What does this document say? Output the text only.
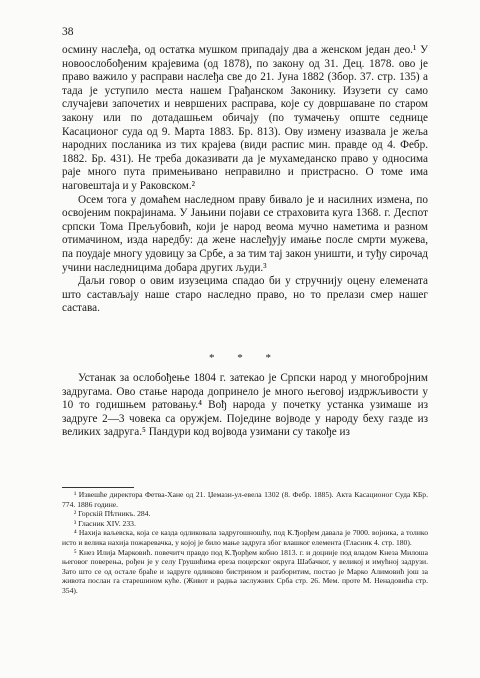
38

осмину наслеђа, од остатка мушком припадају два а женском један део.¹ У новоослобођеним крајевима (од 1878), по закону од 31. Дец. 1878. ово је право важило у расправи наслеђа све до 21. Јуна 1882 (Збор. 37. стр. 135) а тада је уступило места нашем Грађанском Законику. Изузети су само случајеви започетих и невршених расправа, које су довршаване по старом закону или по дотадашњем обичају (по тумачењу опште седнице Касационог суда од 9. Марта 1883. Бр. 813). Ову измену изазвала је жеља народних посланика из тих крајева (види распис мин. правде од 4. Фебр. 1882. Бр. 431). Не треба доказивати да је мухамеданско право у односима раје много пута примењивано неправилно и пристрасно. О томе има наговештаја и у Раковском.²

Осем тога у домаћем наследном праву бивало је и насилних измена, по освојеним покрајинама. У Јањини појави се страховита куга 1368. г. Деспот српски Тома Прељубовић, који је народ веома мучно наметима и разном отимачином, изда наредбу: да жене наслеђују имање после смрти мужева, па поудаје многу удовицу за Србе, а за тим тај закон уништи, и туђу сирочад учини наследницима добара других људи.³

Даљи говор о овим изузецима спадао би у стручнију оцену елемената што састављају наше старо наследно право, но то прелази смер нашег састава.

* * *

Устанак за ослобођење 1804 г. затекао је Српски народ у многобројним задругама. Ово стање народа допринело је много његовој издржљивости у 10 то годишњем ратовању.⁴ Вођ народа у почетку устанка узимаше из задруге 2—3 човека са оружјем. Поједине војводе у народу беху газде из великих задруга.⁵ Пандури код војвода узимани су такође из

¹ Извешће директора Фетва-Хане од 21. Џемази-ул-евела 1302 (8. Фебр. 1885). Акта Касационог Суда КБр. 774. 1886 године.

² Горскій Пѣтникъ. 284.

³ Гласник XIV. 233.

⁴ Нахија ваљевска, која се казда одликовала задругошношћу, под К.Ђорђем давала је 7000. војника, а толико исто и велика нахија пожаревачка, у којој је било мање задруга због влашког елемента (Гласник 4. стр. 180).

⁵ Кнез Илија Марковић. повечитч правдо под К.Ђорђем кобно 1813. г. и доцније под владом Кнеза Милоша његовог поверења, рођен је у селу Грушићима ереза поцерског округа Шабачког, у великој и имућној задрузи. Зато што се од остале браће и задруге одликово бистрином и разборитим, постао је Марко Алимовић још за живота послан га старешином куће. (Живот и радња заслужних Срба стр. 26. Мем. проте М. Ненадовића стр. 354).
